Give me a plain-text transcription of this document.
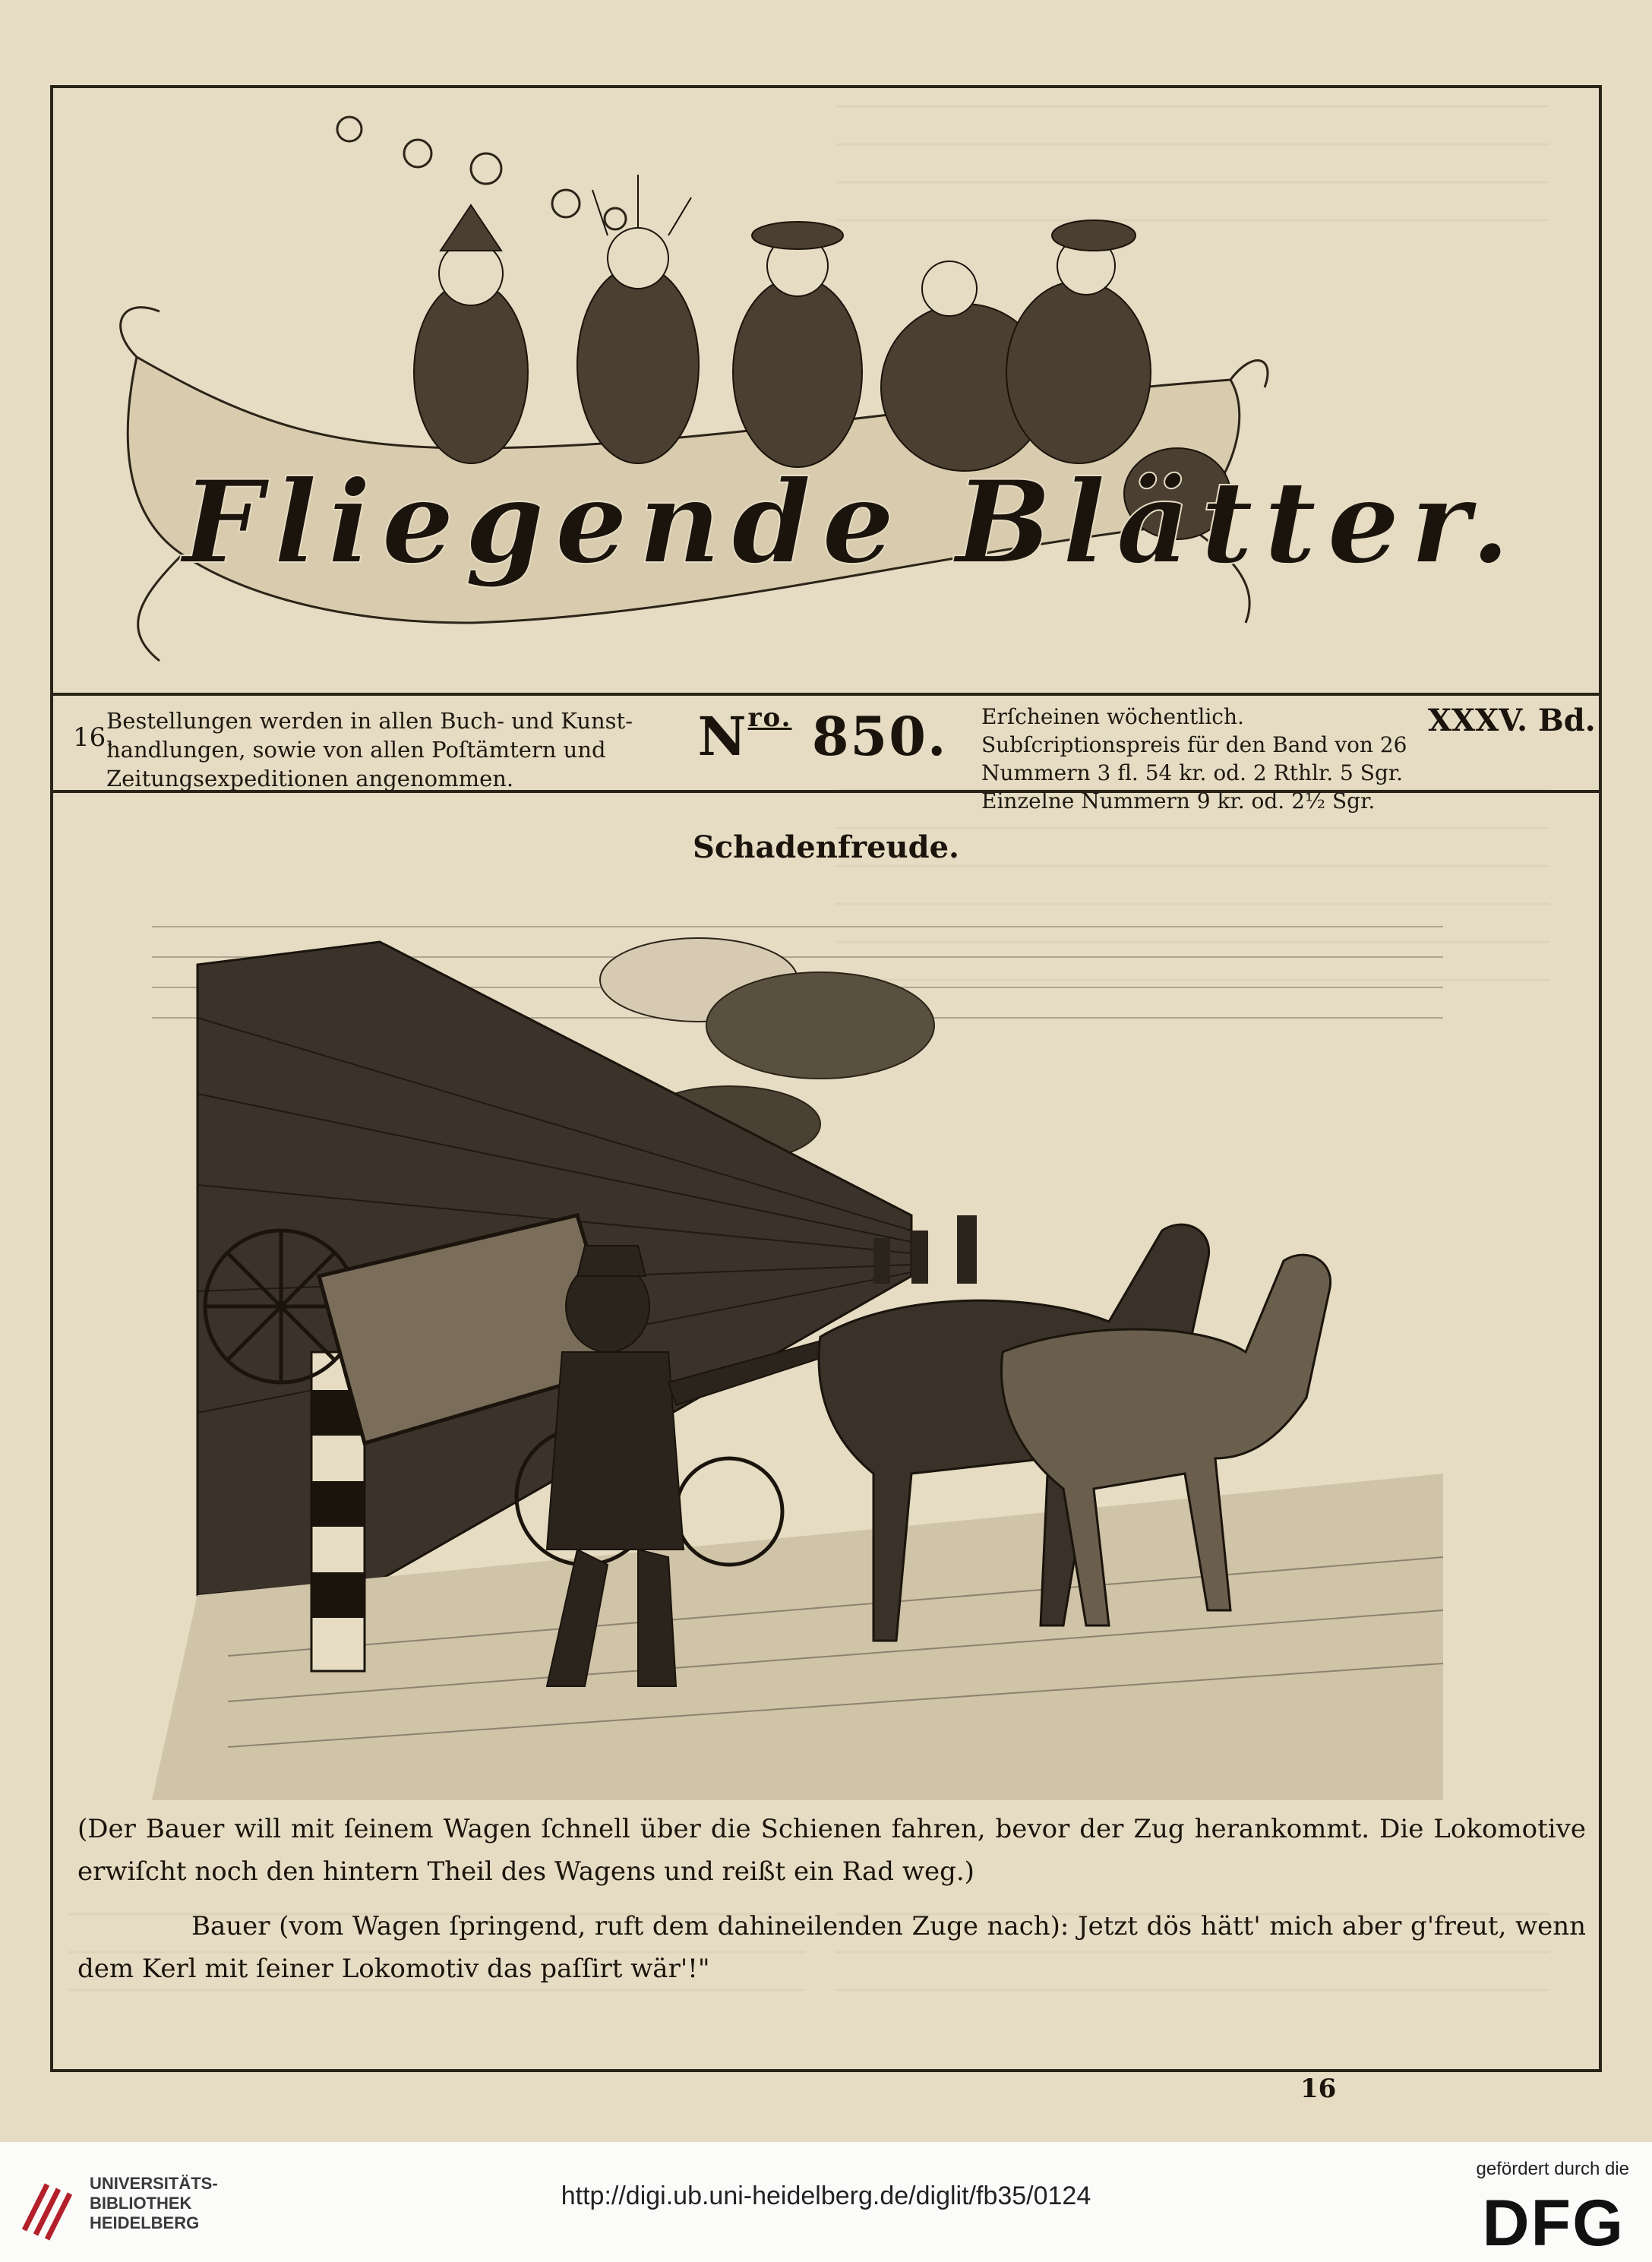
Fliegende Blätter.
16.
Bestellungen werden in allen Buch- und Kunst-handlungen, sowie von allen Poſtämtern und Zeitungsexpeditionen angenommen.
$N^{ro.}$ 850. Erſcheinen wöchentlich. Subſcriptionspreis für den Band von 26 Nummern 3 fl. 54 kr. od. 2 Rthlr. 5 Sgr. Einzelne Nummern 9 kr. od. 2½ Sgr.
XXXV. Bd.
Schadenfreude.

(Der Bauer will mit ſeinem Wagen ſchnell über die Schienen fahren, bevor der Zug herankommt. Die Lokomotive erwiſcht noch den hintern Theil des Wagens und reißt ein Rad weg.)

Bauer (vom Wagen ſpringend, ruft dem dahineilenden Zuge nach): Jetzt dös hätt' mich aber g'freut, wenn dem Kerl mit ſeiner Lokomotiv das paſſirt wär'!"

16
UNIVERSITÄTS-
BIBLIOTHEK
HEIDELBERG
http://digi.ub.uni-heidelberg.de/diglit/fb35/0124
gefördert durch die
DFG
